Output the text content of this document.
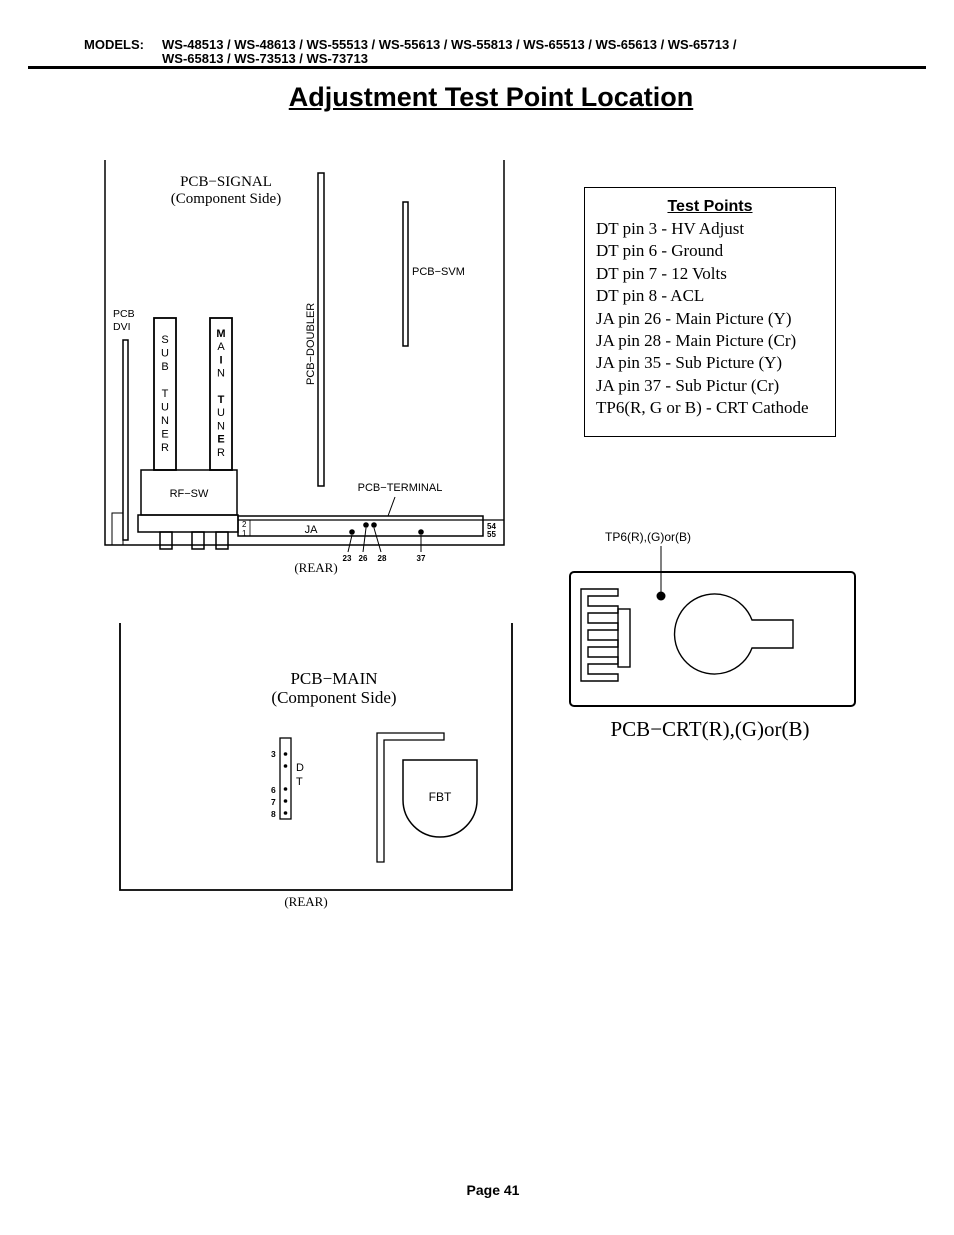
MODELS: WS-48513 / WS-48613 / WS-55513 / WS-55613 / WS-55813 / WS-65513 / WS-65613 / WS-65713 /
WS-65813 / WS-73513 / WS-73713
Adjustment Test Point Location
PCB−SIGNAL
(Component Side)
PCB−SVM
PCB−DOUBLER
PCB
DVI
S
U
B
T
U
N
E
R
M
A
I
N
T
U
N
E
R
RF−SW	PCB−TERMINAL
JA
2
1
54
55
23 26 28	37
(REAR)
PCB−MAIN
(Component Side)
3
6
7
8
D
T
FBT
(REAR)
TP6(R),(G)or(B)
PCB−CRT(R),(G)or(B)
Test Points
DT pin 3 - HV Adjust
DT pin 6 - Ground
DT pin 7 - 12 Volts
DT pin 8 - ACL
JA pin 26 - Main Picture (Y)
JA pin 28 - Main Picture (Cr)
JA pin 35 - Sub Picture (Y)
JA pin 37 - Sub Pictur (Cr)
TP6(R, G or B) - CRT Cathode
Page 41
